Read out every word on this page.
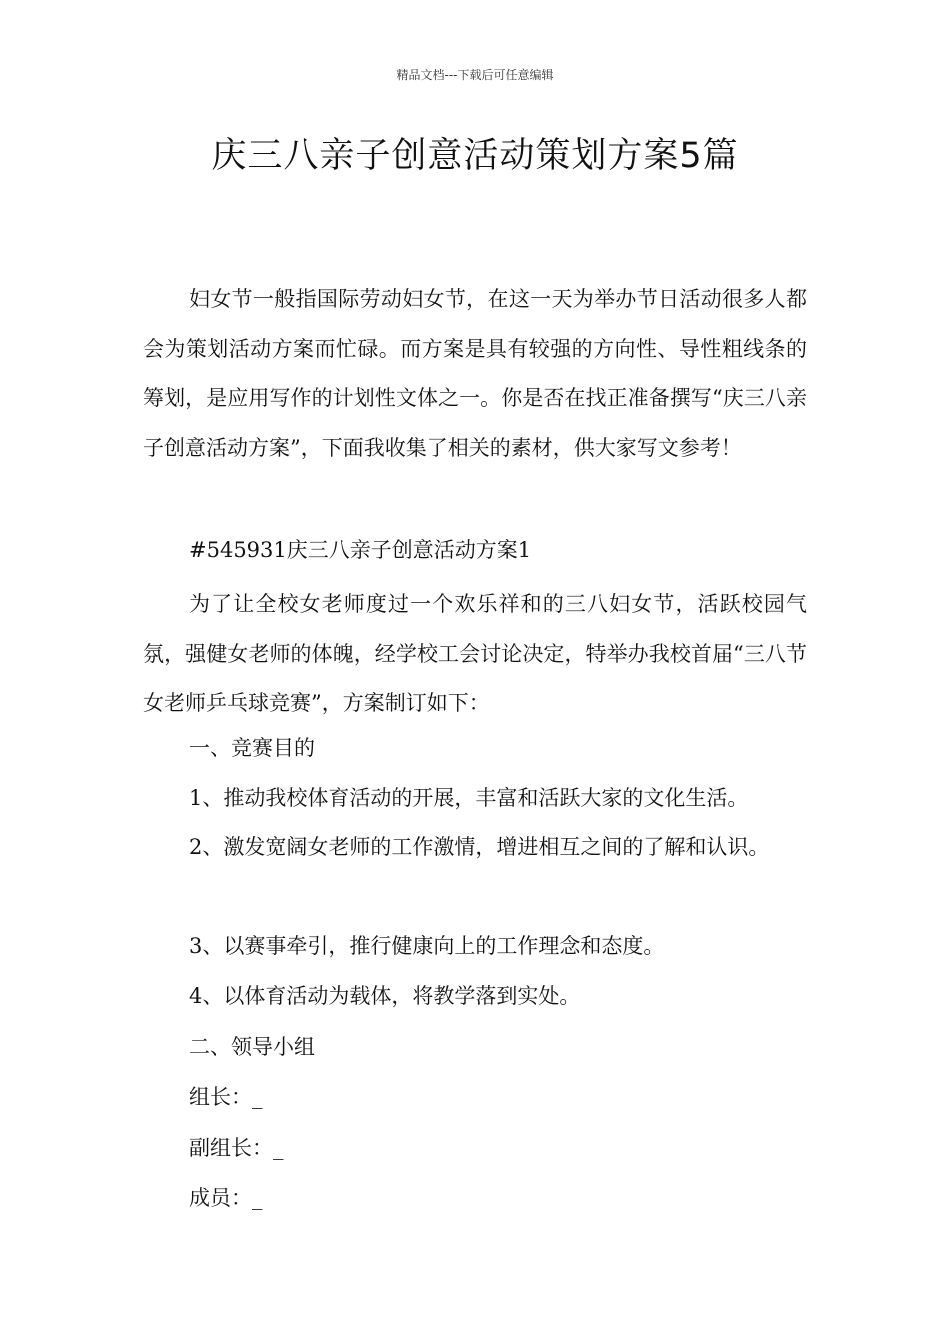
精品文档---下载后可任意编辑
庆三八亲子创意活动策划方案5篇

妇女节一般指国际劳动妇女节，在这一天为举办节日活动很多人都会为策划活动方案而忙碌。而方案是具有较强的方向性、导性粗线条的筹划，是应用写作的计划性文体之一。你是否在找正准备撰写“庆三八亲子创意活动方案”，下面我收集了相关的素材，供大家写文参考！

#545931庆三八亲子创意活动方案1

为了让全校女老师度过一个欢乐祥和的三八妇女节，活跃校园气氛，强健女老师的体魄，经学校工会讨论决定，特举办我校首届“三八节女老师乒乓球竞赛”，方案制订如下：

一、竞赛目的
1、推动我校体育活动的开展，丰富和活跃大家的文化生活。
2、激发宽阔女老师的工作激情，增进相互之间的了解和认识。
3、以赛事牵引，推行健康向上的工作理念和态度。
4、以体育活动为载体，将教学落到实处。
二、领导小组
组长：_
副组长：_
成员：_
